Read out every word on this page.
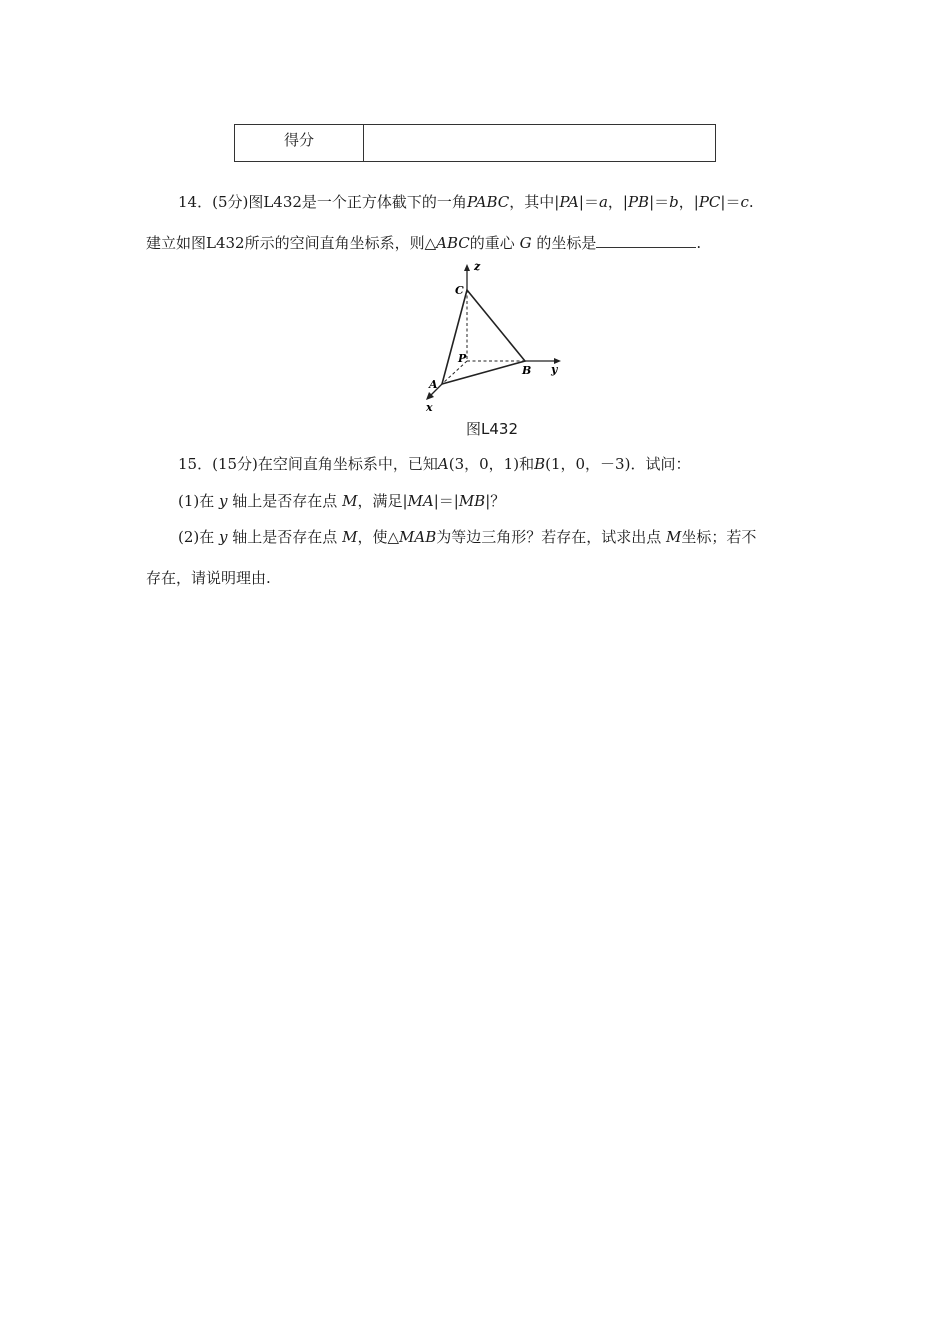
得分
14．(5分)图L432是一个正方体截下的一角PABC，其中|PA|＝a，|PB|＝b，|PC|＝c.
建立如图L432所示的空间直角坐标系，则△ABC的重心 G 的坐标是	.
z
C
P
B y
A
x
图L432
15．(15分)在空间直角坐标系中，已知A(3，0，1)和B(1，0，－3)．试问：
(1)在 y 轴上是否存在点 M，满足|MA|＝|MB|？
(2)在 y 轴上是否存在点 M，使△MAB为等边三角形？若存在，试求出点 M坐标；若不
存在，请说明理由.
